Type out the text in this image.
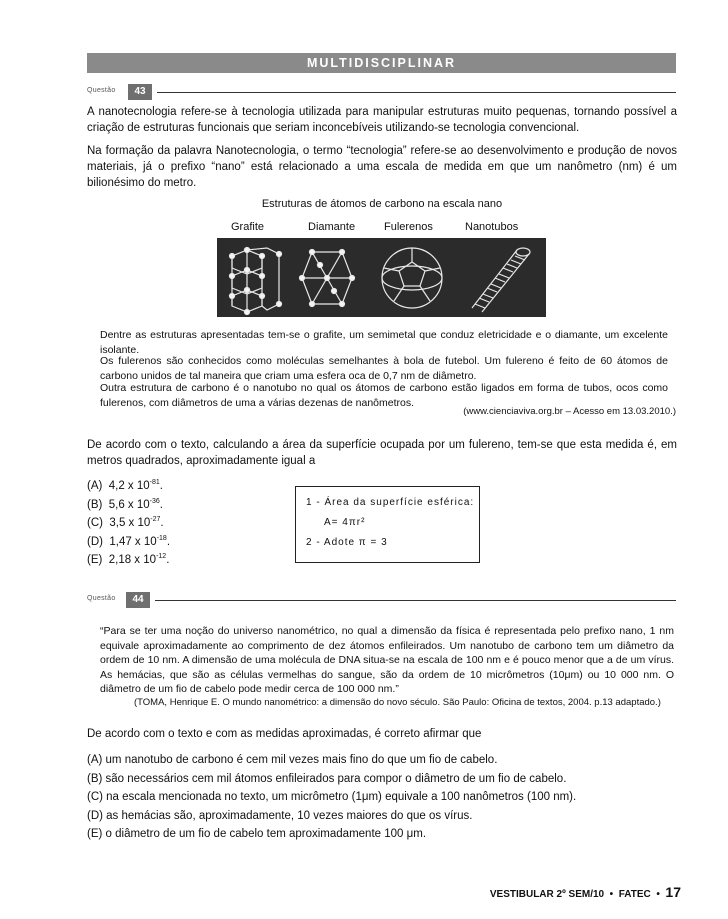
MULTIDISCIPLINAR
Questão	43
A nanotecnologia refere-se à tecnologia utilizada para manipular estruturas muito pequenas, tornando possível a criação de estruturas funcionais que seriam inconcebíveis utilizando-se tecnologia convencional.
Na formação da palavra Nanotecnologia, o termo “tecnologia” refere-se ao desenvolvimento e produção de novos materiais, já o prefixo “nano” está relacionado a uma escala de medida em que um nanômetro (nm) é um bilionésimo do metro.
Estruturas de átomos de carbono na escala nano
Grafite	Diamante	Fulerenos	Nanotubos
Dentre as estruturas apresentadas tem-se o grafite, um semimetal que conduz eletricidade e o diamante, um excelente isolante.
Os fulerenos são conhecidos como moléculas semelhantes à bola de futebol. Um fulereno é feito de 60 átomos de carbono unidos de tal maneira que criam uma esfera oca de 0,7 nm de diâmetro.
Outra estrutura de carbono é o nanotubo no qual os átomos de carbono estão ligados em forma de tubos, ocos como fulerenos, com diâmetros de uma a várias dezenas de nanômetros.
(www.cienciaviva.org.br – Acesso em 13.03.2010.)
De acordo com o texto, calculando a área da superfície ocupada por um fulereno, tem-se que esta medida é, em metros quadrados, aproximadamente igual a
(A) 4,2 x $10^{-81}$.
(B) 5,6 x $10^{-36}$.
(C) 3,5 x $10^{-27}$.
(D) 1,47 x $10^{-18}$.
(E) 2,18 x $10^{-12}$.
1 - Área da superfície esférica:
A= 4πr²
2 - Adote π = 3
Questão	44
“Para se ter uma noção do universo nanométrico, no qual a dimensão da física é representada pelo prefixo nano, 1 nm equivale aproximadamente ao comprimento de dez átomos enfileirados. Um nanotubo de carbono tem um diâmetro da ordem de 10 nm. A dimensão de uma molécula de DNA situa-se na escala de 100 nm e é pouco menor que a de um vírus. As hemácias, que são as células vermelhas do sangue, são da ordem de 10 micrômetros (10μm) ou 10 000 nm. O diâmetro de um fio de cabelo pode medir cerca de 100 000 nm.”
(TOMA, Henrique E. O mundo nanométrico: a dimensão do novo século. São Paulo: Oficina de textos, 2004. p.13 adaptado.)
De acordo com o texto e com as medidas aproximadas, é correto afirmar que
(A) um nanotubo de carbono é cem mil vezes mais fino do que um fio de cabelo.
(B) são necessários cem mil átomos enfileirados para compor o diâmetro de um fio de cabelo.
(C) na escala mencionada no texto, um micrômetro (1μm) equivale a 100 nanômetros (100 nm).
(D) as hemácias são, aproximadamente, 10 vezes maiores do que os vírus.
(E) o diâmetro de um fio de cabelo tem aproximadamente 100 μm.
VESTIBULAR 2º SEM/10 • FATEC • 17
